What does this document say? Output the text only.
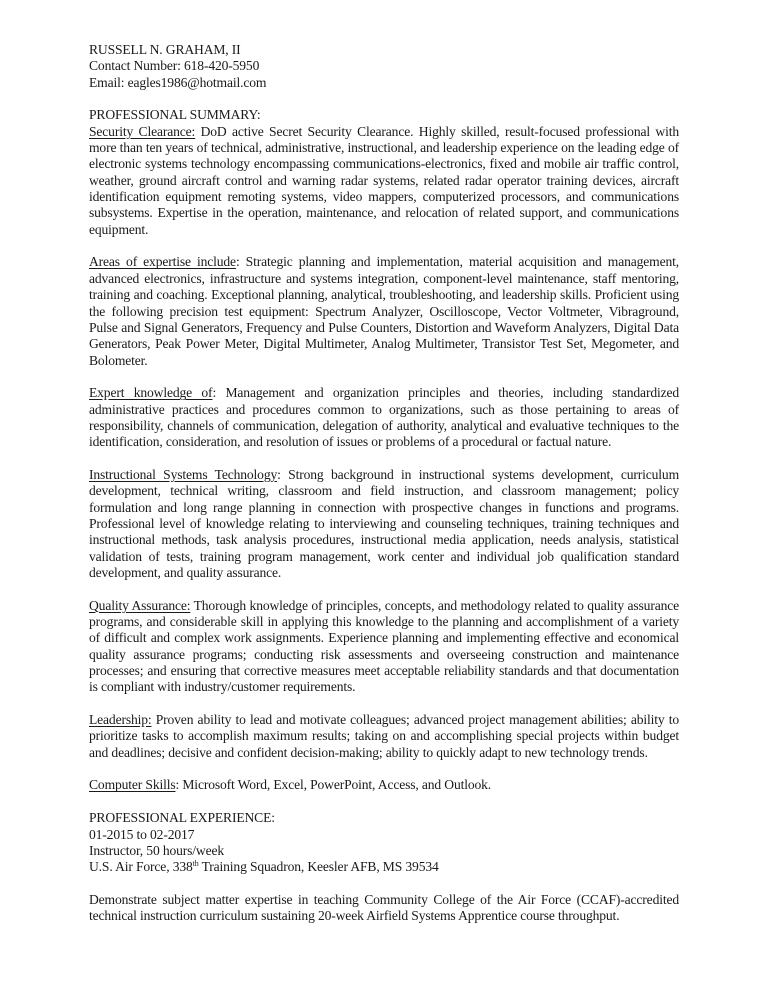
RUSSELL N. GRAHAM, II
Contact Number: 618-420-5950
Email: eagles1986@hotmail.com
PROFESSIONAL SUMMARY:

Security Clearance: DoD active Secret Security Clearance. Highly skilled, result-focused professional with more than ten years of technical, administrative, instructional, and leadership experience on the leading edge of electronic systems technology encompassing communications-electronics, fixed and mobile air traffic control, weather, ground aircraft control and warning radar systems, related radar operator training devices, aircraft identification equipment remoting systems, video mappers, computerized processors, and communications subsystems. Expertise in the operation, maintenance, and relocation of related support, and communications equipment.

Areas of expertise include: Strategic planning and implementation, material acquisition and management, advanced electronics, infrastructure and systems integration, component-level maintenance, staff mentoring, training and coaching. Exceptional planning, analytical, troubleshooting, and leadership skills. Proficient using the following precision test equipment: Spectrum Analyzer, Oscilloscope, Vector Voltmeter, Vibraground, Pulse and Signal Generators, Frequency and Pulse Counters, Distortion and Waveform Analyzers, Digital Data Generators, Peak Power Meter, Digital Multimeter, Analog Multimeter, Transistor Test Set, Megometer, and Bolometer.

Expert knowledge of: Management and organization principles and theories, including standardized administrative practices and procedures common to organizations, such as those pertaining to areas of responsibility, channels of communication, delegation of authority, analytical and evaluative techniques to the identification, consideration, and resolution of issues or problems of a procedural or factual nature.

Instructional Systems Technology: Strong background in instructional systems development, curriculum development, technical writing, classroom and field instruction, and classroom management; policy formulation and long range planning in connection with prospective changes in functions and programs. Professional level of knowledge relating to interviewing and counseling techniques, training techniques and instructional methods, task analysis procedures, instructional media application, needs analysis, statistical validation of tests, training program management, work center and individual job qualification standard development, and quality assurance.

Quality Assurance: Thorough knowledge of principles, concepts, and methodology related to quality assurance programs, and considerable skill in applying this knowledge to the planning and accomplishment of a variety of difficult and complex work assignments. Experience planning and implementing effective and economical quality assurance programs; conducting risk assessments and overseeing construction and maintenance processes; and ensuring that corrective measures meet acceptable reliability standards and that documentation is compliant with industry/customer requirements.

Leadership: Proven ability to lead and motivate colleagues; advanced project management abilities; ability to prioritize tasks to accomplish maximum results; taking on and accomplishing special projects within budget and deadlines; decisive and confident decision-making; ability to quickly adapt to new technology trends.

Computer Skills: Microsoft Word, Excel, PowerPoint, Access, and Outlook.

PROFESSIONAL EXPERIENCE:
01-2015 to 02-2017
Instructor, 50 hours/week
U.S. Air Force, 338th Training Squadron, Keesler AFB, MS 39534

Demonstrate subject matter expertise in teaching Community College of the Air Force (CCAF)-accredited technical instruction curriculum sustaining 20-week Airfield Systems Apprentice course throughput.
